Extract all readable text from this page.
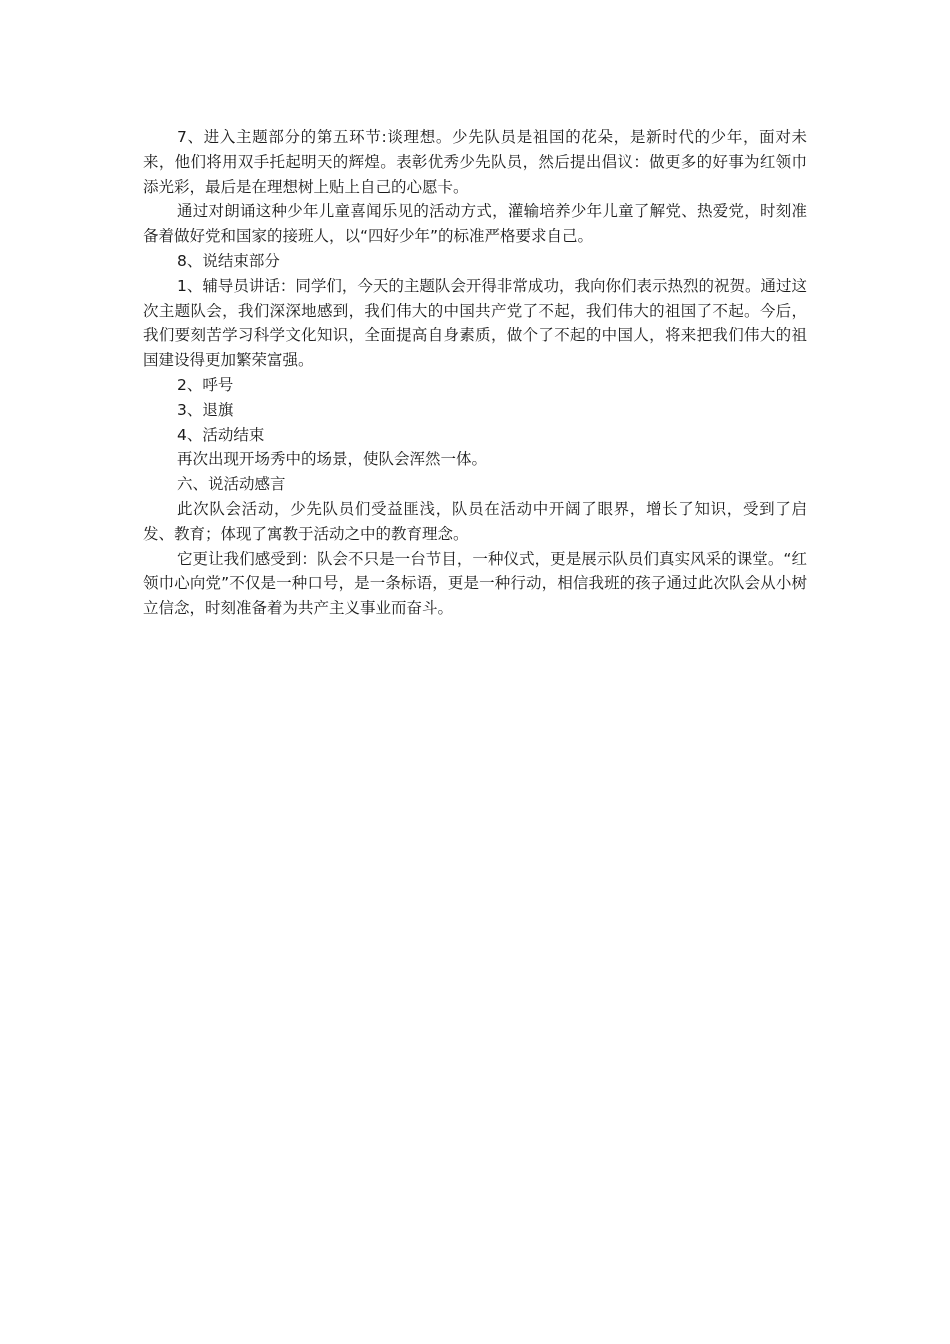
7、进入主题部分的第五环节:谈理想。少先队员是祖国的花朵，是新时代的少年，面对未来，他们将用双手托起明天的辉煌。表彰优秀少先队员，然后提出倡议：做更多的好事为红领巾添光彩，最后是在理想树上贴上自己的心愿卡。

通过对朗诵这种少年儿童喜闻乐见的活动方式，灌输培养少年儿童了解党、热爱党，时刻准备着做好党和国家的接班人，以“四好少年”的标准严格要求自己。

8、说结束部分

1、辅导员讲话：同学们，今天的主题队会开得非常成功，我向你们表示热烈的祝贺。通过这次主题队会，我们深深地感到，我们伟大的中国共产党了不起，我们伟大的祖国了不起。今后，我们要刻苦学习科学文化知识，全面提高自身素质，做个了不起的中国人，将来把我们伟大的祖国建设得更加繁荣富强。

2、呼号

3、退旗

4、活动结束

再次出现开场秀中的场景，使队会浑然一体。

六、说活动感言

此次队会活动，少先队员们受益匪浅，队员在活动中开阔了眼界，增长了知识，受到了启发、教育；体现了寓教于活动之中的教育理念。

它更让我们感受到：队会不只是一台节目，一种仪式，更是展示队员们真实风采的课堂。“红领巾心向党”不仅是一种口号，是一条标语，更是一种行动，相信我班的孩子通过此次队会从小树立信念，时刻准备着为共产主义事业而奋斗。
